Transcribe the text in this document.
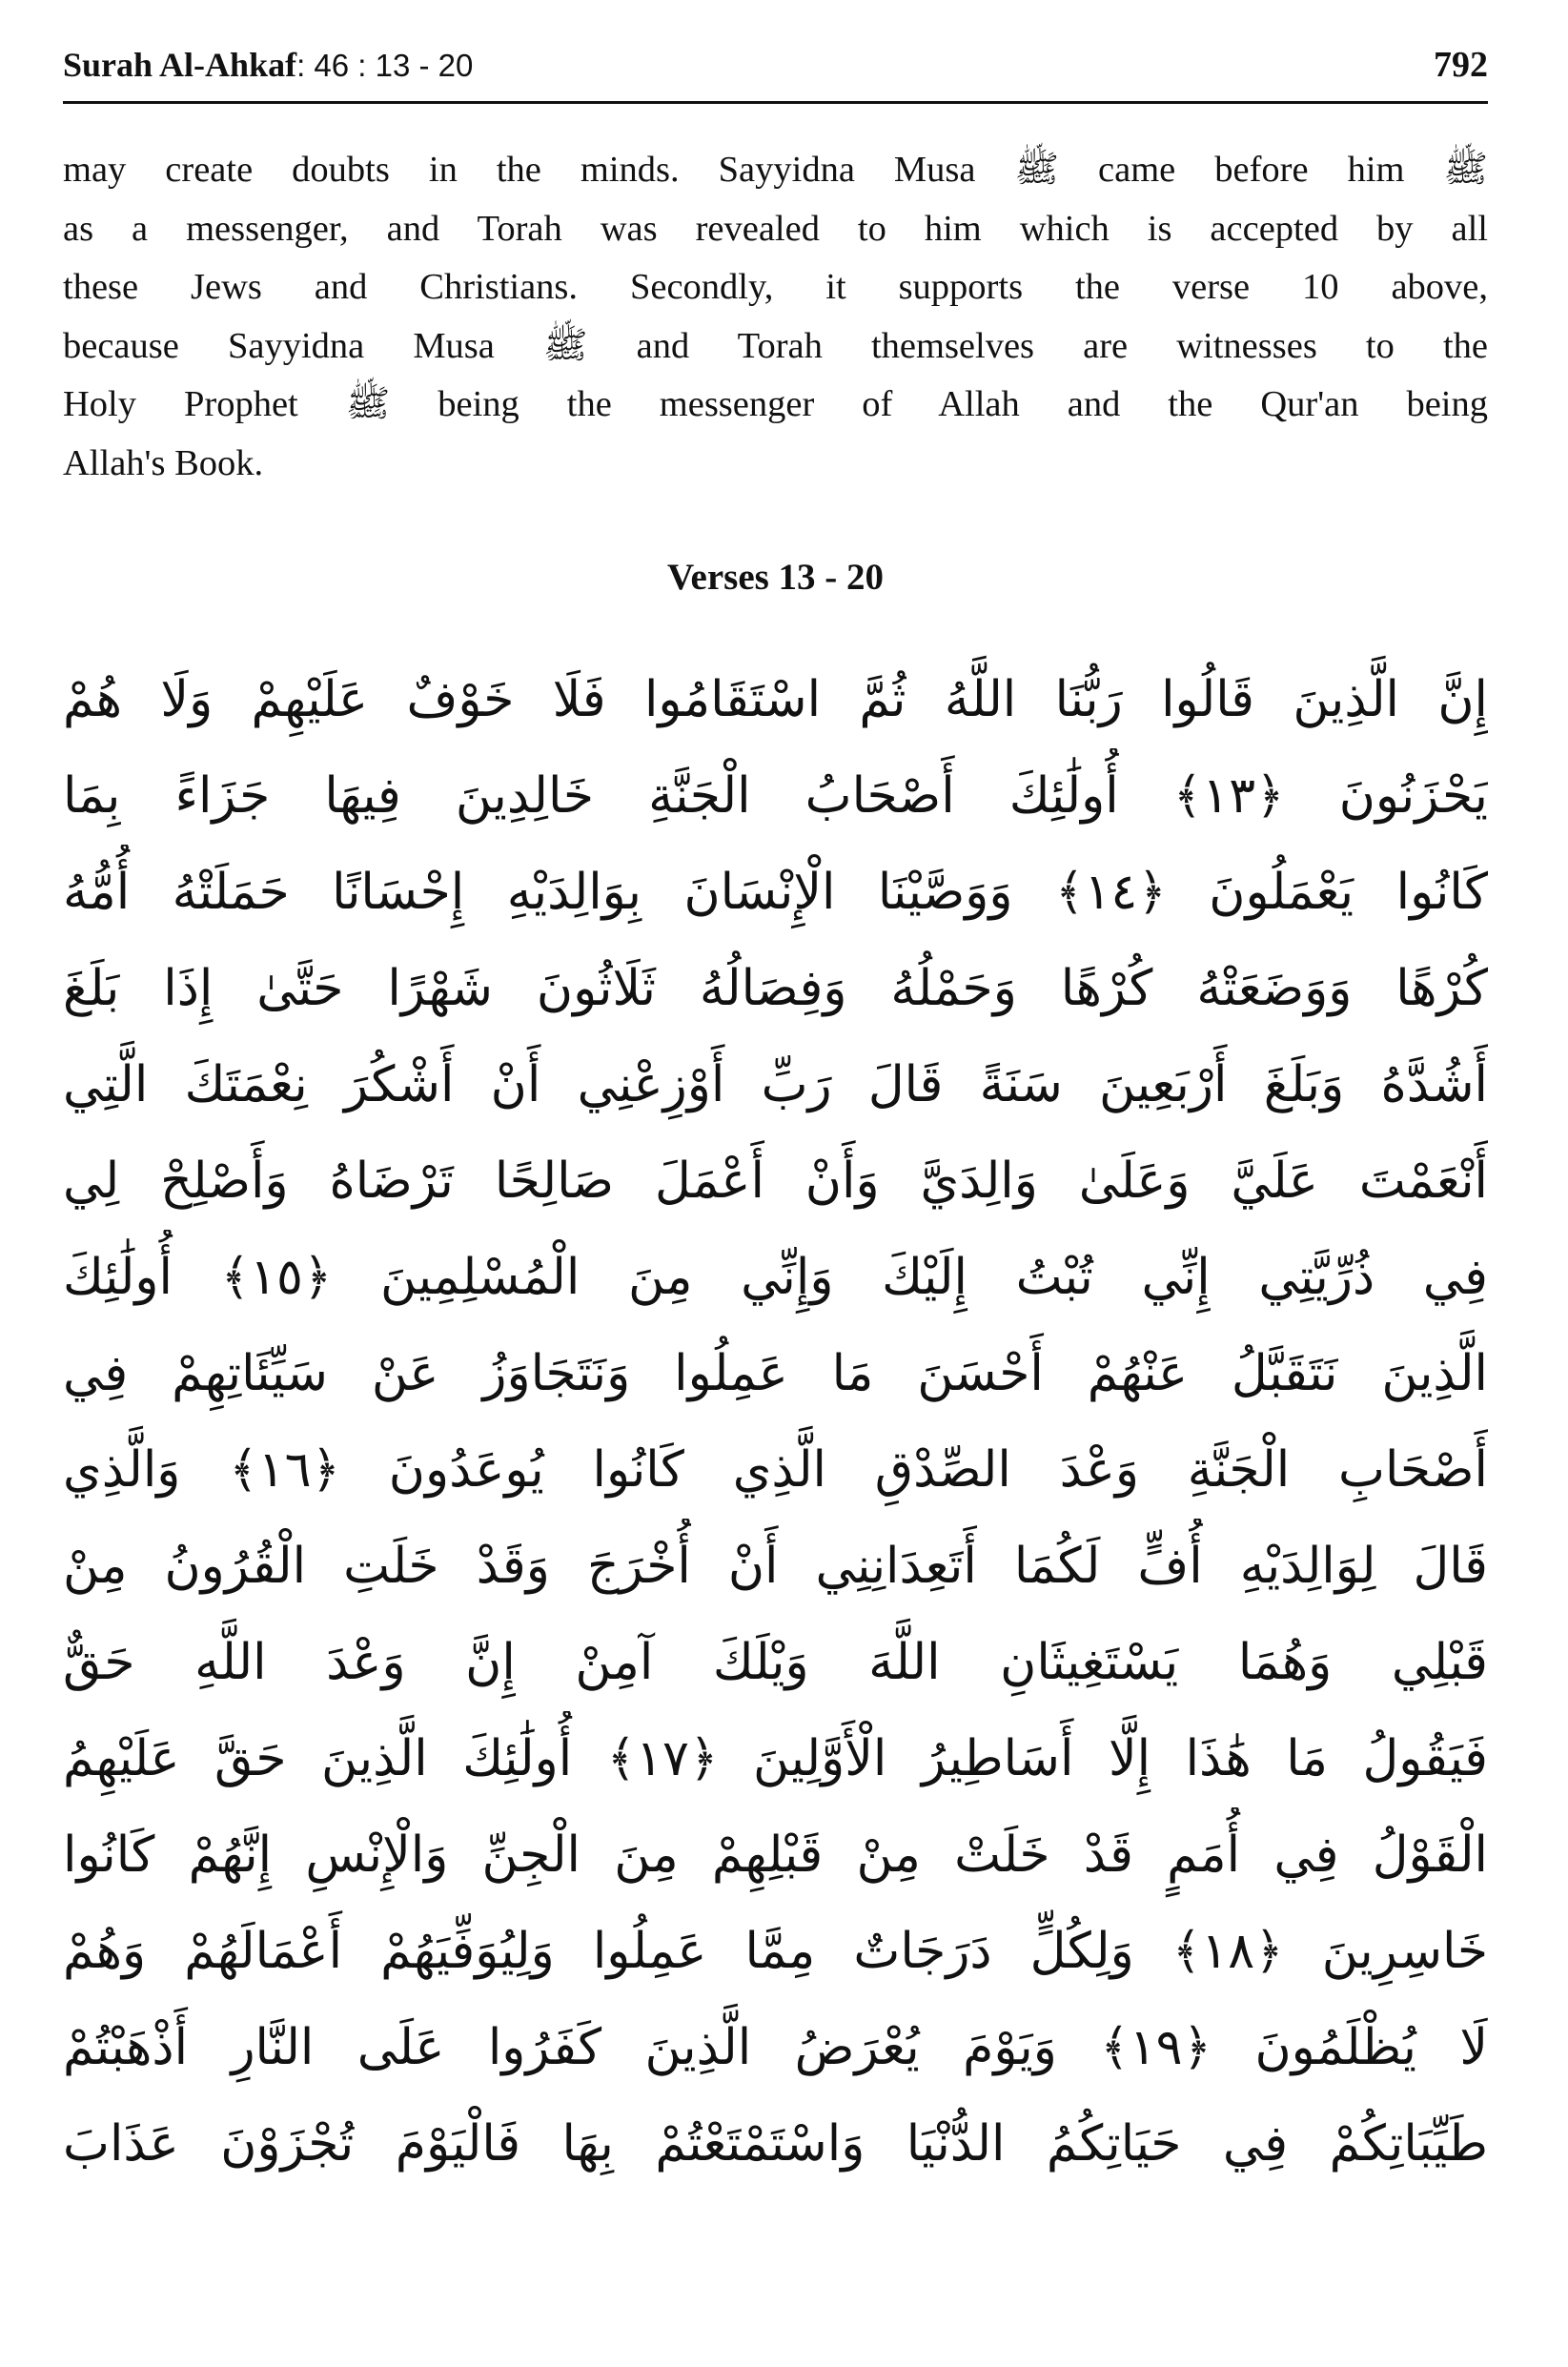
Surah Al-Ahkaf: 46 : 13 - 20	792
may create doubts in the minds. Sayyidna Musa ﷺ came before him ﷺ
as a messenger, and Torah was revealed to him which is accepted by all
these Jews and Christians. Secondly, it supports the verse 10 above,
because Sayyidna Musa ﷺ and Torah themselves are witnesses to the
Holy Prophet ﷺ being the messenger of Allah and the Qur'an being
Allah's Book.
Verses 13 - 20
إِنَّ الَّذِينَ قَالُوا رَبُّنَا اللَّهُ ثُمَّ اسْتَقَامُوا فَلَا خَوْفٌ عَلَيْهِمْ وَلَا هُمْ
يَحْزَنُونَ ﴿١٣﴾ أُولَٰئِكَ أَصْحَابُ الْجَنَّةِ خَالِدِينَ فِيهَا جَزَاءً بِمَا
كَانُوا يَعْمَلُونَ ﴿١٤﴾ وَوَصَّيْنَا الْإِنْسَانَ بِوَالِدَيْهِ إِحْسَانًا حَمَلَتْهُ أُمُّهُ
كُرْهًا وَوَضَعَتْهُ كُرْهًا وَحَمْلُهُ وَفِصَالُهُ ثَلَاثُونَ شَهْرًا حَتَّىٰ إِذَا بَلَغَ
أَشُدَّهُ وَبَلَغَ أَرْبَعِينَ سَنَةً قَالَ رَبِّ أَوْزِعْنِي أَنْ أَشْكُرَ نِعْمَتَكَ الَّتِي
أَنْعَمْتَ عَلَيَّ وَعَلَىٰ وَالِدَيَّ وَأَنْ أَعْمَلَ صَالِحًا تَرْضَاهُ وَأَصْلِحْ لِي
فِي ذُرِّيَّتِي إِنِّي تُبْتُ إِلَيْكَ وَإِنِّي مِنَ الْمُسْلِمِينَ ﴿١٥﴾ أُولَٰئِكَ
الَّذِينَ نَتَقَبَّلُ عَنْهُمْ أَحْسَنَ مَا عَمِلُوا وَنَتَجَاوَزُ عَنْ سَيِّئَاتِهِمْ فِي
أَصْحَابِ الْجَنَّةِ وَعْدَ الصِّدْقِ الَّذِي كَانُوا يُوعَدُونَ ﴿١٦﴾ وَالَّذِي
قَالَ لِوَالِدَيْهِ أُفٍّ لَكُمَا أَتَعِدَانِنِي أَنْ أُخْرَجَ وَقَدْ خَلَتِ الْقُرُونُ مِنْ
قَبْلِي وَهُمَا يَسْتَغِيثَانِ اللَّهَ وَيْلَكَ آمِنْ إِنَّ وَعْدَ اللَّهِ حَقٌّ
فَيَقُولُ مَا هَٰذَا إِلَّا أَسَاطِيرُ الْأَوَّلِينَ ﴿١٧﴾ أُولَٰئِكَ الَّذِينَ حَقَّ عَلَيْهِمُ
الْقَوْلُ فِي أُمَمٍ قَدْ خَلَتْ مِنْ قَبْلِهِمْ مِنَ الْجِنِّ وَالْإِنْسِ إِنَّهُمْ كَانُوا
خَاسِرِينَ ﴿١٨﴾ وَلِكُلٍّ دَرَجَاتٌ مِمَّا عَمِلُوا وَلِيُوَفِّيَهُمْ أَعْمَالَهُمْ وَهُمْ
لَا يُظْلَمُونَ ﴿١٩﴾ وَيَوْمَ يُعْرَضُ الَّذِينَ كَفَرُوا عَلَى النَّارِ أَذْهَبْتُمْ
طَيِّبَاتِكُمْ فِي حَيَاتِكُمُ الدُّنْيَا وَاسْتَمْتَعْتُمْ بِهَا فَالْيَوْمَ تُجْزَوْنَ عَذَابَ
